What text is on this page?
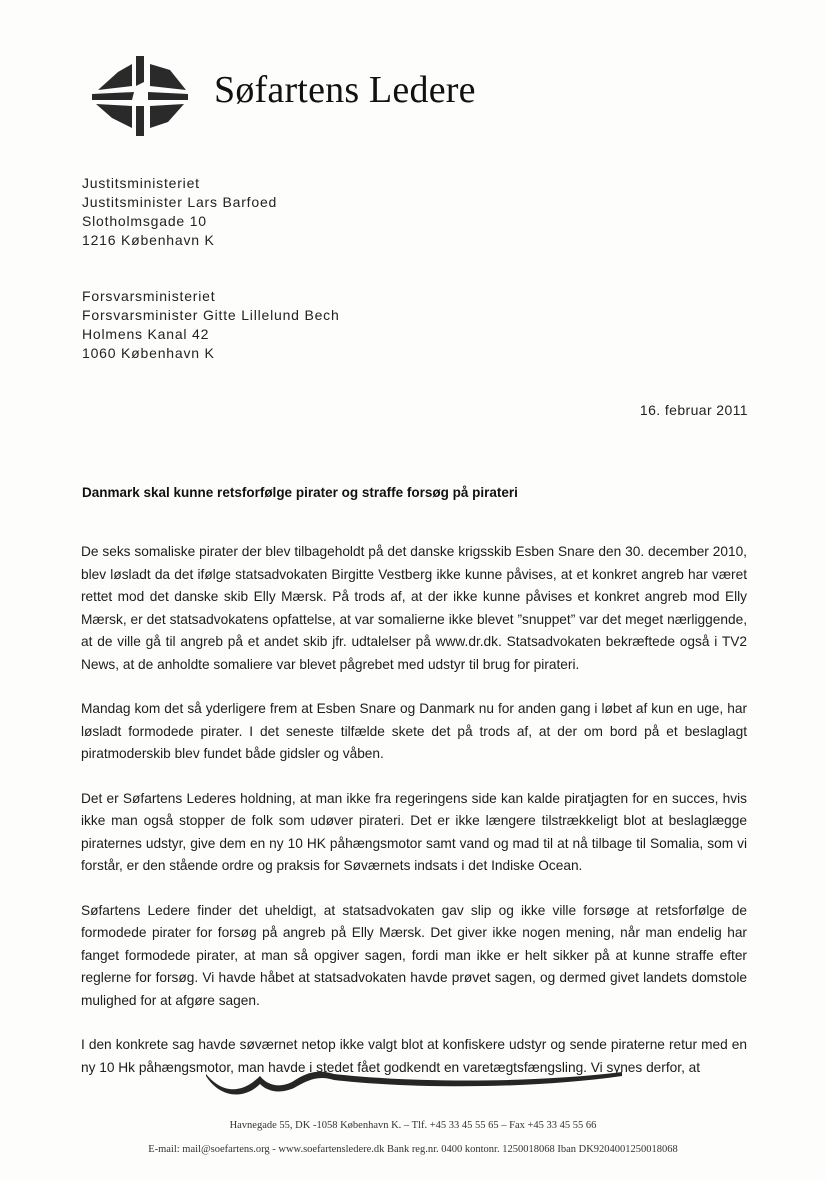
Søfartens Ledere
Justitsministeriet
Justitsminister Lars Barfoed
Slotholmsgade 10
1216 København K
Forsvarsministeriet
Forsvarsminister Gitte Lillelund Bech
Holmens Kanal 42
1060 København K
16. februar 2011
Danmark skal kunne retsforfølge pirater og straffe forsøg på pirateri

De seks somaliske pirater der blev tilbageholdt på det danske krigsskib Esben Snare den 30. december 2010, blev løsladt da det ifølge statsadvokaten Birgitte Vestberg ikke kunne påvises, at et konkret angreb har været rettet mod det danske skib Elly Mærsk. På trods af, at der ikke kunne påvises et konkret angreb mod Elly Mærsk, er det statsadvokatens opfattelse, at var somalierne ikke blevet ”snuppet” var det meget nærliggende, at de ville gå til angreb på et andet skib jfr. udtalelser på www.dr.dk. Statsadvokaten bekræftede også i TV2 News, at de anholdte somaliere var blevet pågrebet med udstyr til brug for pirateri.

Mandag kom det så yderligere frem at Esben Snare og Danmark nu for anden gang i løbet af kun en uge, har løsladt formodede pirater. I det seneste tilfælde skete det på trods af, at der om bord på et beslaglagt piratmoderskib blev fundet både gidsler og våben.

Det er Søfartens Lederes holdning, at man ikke fra regeringens side kan kalde piratjagten for en succes, hvis ikke man også stopper de folk som udøver pirateri. Det er ikke længere tilstrækkeligt blot at beslaglægge piraternes udstyr, give dem en ny 10 HK påhængsmotor samt vand og mad til at nå tilbage til Somalia, som vi forstår, er den stående ordre og praksis for Søværnets indsats i det Indiske Ocean.

Søfartens Ledere finder det uheldigt, at statsadvokaten gav slip og ikke ville forsøge at retsforfølge de formodede pirater for forsøg på angreb på Elly Mærsk. Det giver ikke nogen mening, når man endelig har fanget formodede pirater, at man så opgiver sagen, fordi man ikke er helt sikker på at kunne straffe efter reglerne for forsøg. Vi havde håbet at statsadvokaten havde prøvet sagen, og dermed givet landets domstole mulighed for at afgøre sagen.

I den konkrete sag havde søværnet netop ikke valgt blot at konfiskere udstyr og sende piraterne retur med en ny 10 Hk påhængsmotor, man havde i stedet fået godkendt en varetægtsfængsling. Vi synes derfor, at

Havnegade 55, DK -1058 København K. – Tlf. +45 33 45 55 65 – Fax +45 33 45 55 66
E-mail: mail@soefartens.org - www.soefartensledere.dk Bank reg.nr. 0400 kontonr. 1250018068 Iban DK9204001250018068
